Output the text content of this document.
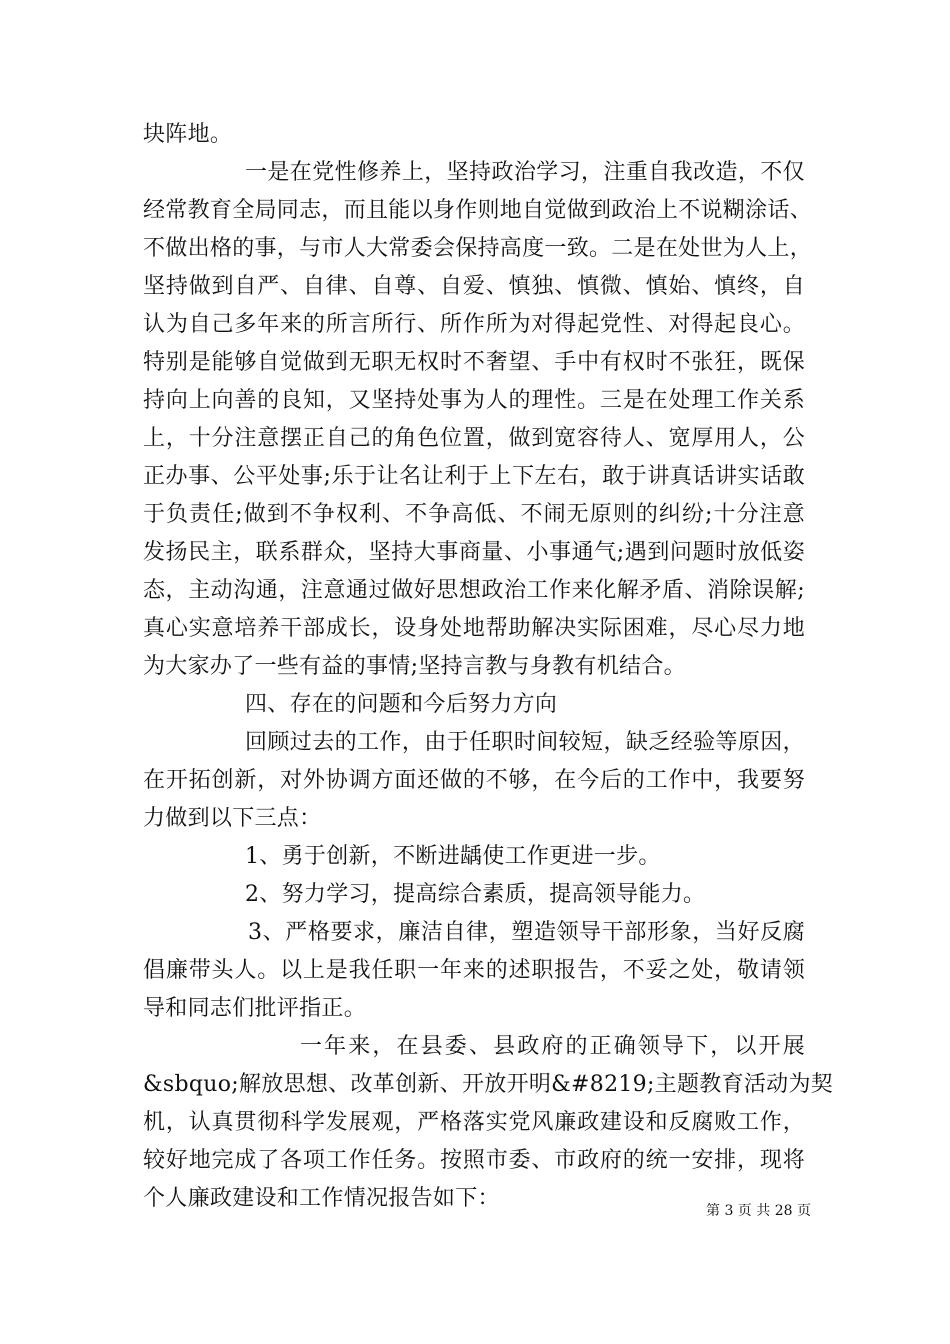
块阵地。
一是在党性修养上，坚持政治学习，注重自我改造，不仅
经常教育全局同志，而且能以身作则地自觉做到政治上不说糊涂话、
不做出格的事，与市人大常委会保持高度一致。二是在处世为人上，
坚持做到自严、自律、自尊、自爱、慎独、慎微、慎始、慎终，自
认为自己多年来的所言所行、所作所为对得起党性、对得起良心。
特别是能够自觉做到无职无权时不奢望、手中有权时不张狂，既保
持向上向善的良知，又坚持处事为人的理性。三是在处理工作关系
上，十分注意摆正自己的角色位置，做到宽容待人、宽厚用人，公
正办事、公平处事;乐于让名让利于上下左右，敢于讲真话讲实话敢
于负责任;做到不争权利、不争高低、不闹无原则的纠纷;十分注意
发扬民主，联系群众，坚持大事商量、小事通气;遇到问题时放低姿
态，主动沟通，注意通过做好思想政治工作来化解矛盾、消除误解;
真心实意培养干部成长，设身处地帮助解决实际困难，尽心尽力地
为大家办了一些有益的事情;坚持言教与身教有机结合。
四、存在的问题和今后努力方向
回顾过去的工作，由于任职时间较短，缺乏经验等原因，
在开拓创新，对外协调方面还做的不够，在今后的工作中，我要努
力做到以下三点：
1、勇于创新，不断进龋使工作更进一步。
2、努力学习，提高综合素质，提高领导能力。
3、严格要求，廉洁自律，塑造领导干部形象，当好反腐
倡廉带头人。以上是我任职一年来的述职报告，不妥之处，敬请领
导和同志们批评指正。
一年来，在县委、县政府的正确领导下，以开展
&sbquo;解放思想、改革创新、开放开明&#8219;主题教育活动为契
机，认真贯彻科学发展观，严格落实党风廉政建设和反腐败工作，
较好地完成了各项工作任务。按照市委、市政府的统一安排，现将
个人廉政建设和工作情况报告如下：	第 3 页 共 28 页
